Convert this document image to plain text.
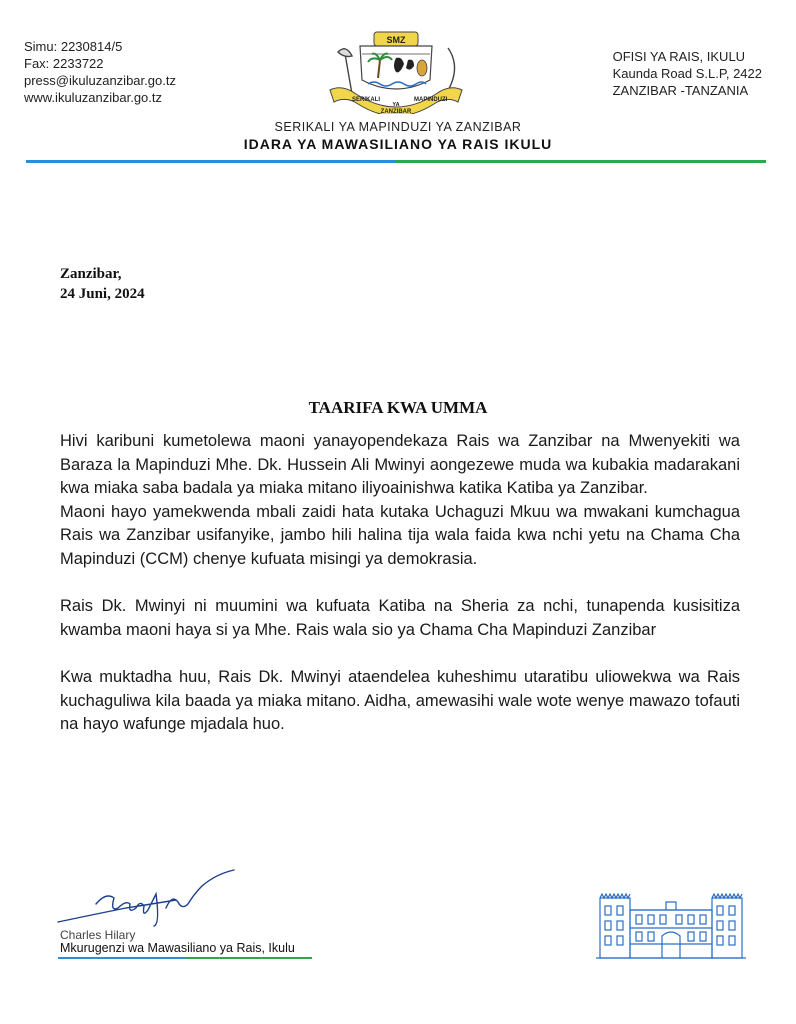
Simu: 2230814/5
Fax: 2233722
press@ikuluzanzibar.go.tz
www.ikuluzanzibar.go.tz
SMZ
SERIKALI
YA
MAPINDUZI
ZANZIBAR
OFISI YA RAIS, IKULU
Kaunda Road S.L.P, 2422
ZANZIBAR -TANZANIA
SERIKALI YA MAPINDUZI YA ZANZIBAR
IDARA YA MAWASILIANO YA RAIS IKULU
Zanzibar,
24 Juni, 2024
TAARIFA KWA UMMA

Hivi karibuni kumetolewa maoni yanayopendekaza Rais wa Zanzibar na Mwenyekiti wa Baraza la Mapinduzi Mhe. Dk. Hussein Ali Mwinyi aongezewe muda wa kubakia madarakani kwa miaka saba badala ya miaka mitano iliyoainishwa katika Katiba ya Zanzibar.

Maoni hayo yamekwenda mbali zaidi hata kutaka Uchaguzi Mkuu wa mwakani kumchagua Rais wa Zanzibar usifanyike, jambo hili halina tija wala faida kwa nchi yetu na Chama Cha Mapinduzi (CCM) chenye kufuata misingi ya demokrasia.

Rais Dk. Mwinyi ni muumini wa kufuata Katiba na Sheria za nchi, tunapenda kusisitiza kwamba maoni haya si ya Mhe. Rais wala sio ya Chama Cha Mapinduzi Zanzibar

Kwa muktadha huu, Rais Dk. Mwinyi ataendelea kuheshimu utaratibu uliowekwa wa Rais kuchaguliwa kila baada ya miaka mitano. Aidha, amewasihi wale wote wenye mawazo tofauti na hayo wafunge mjadala huo.

Charles Hilary
Mkurugenzi wa Mawasiliano ya Rais, Ikulu
